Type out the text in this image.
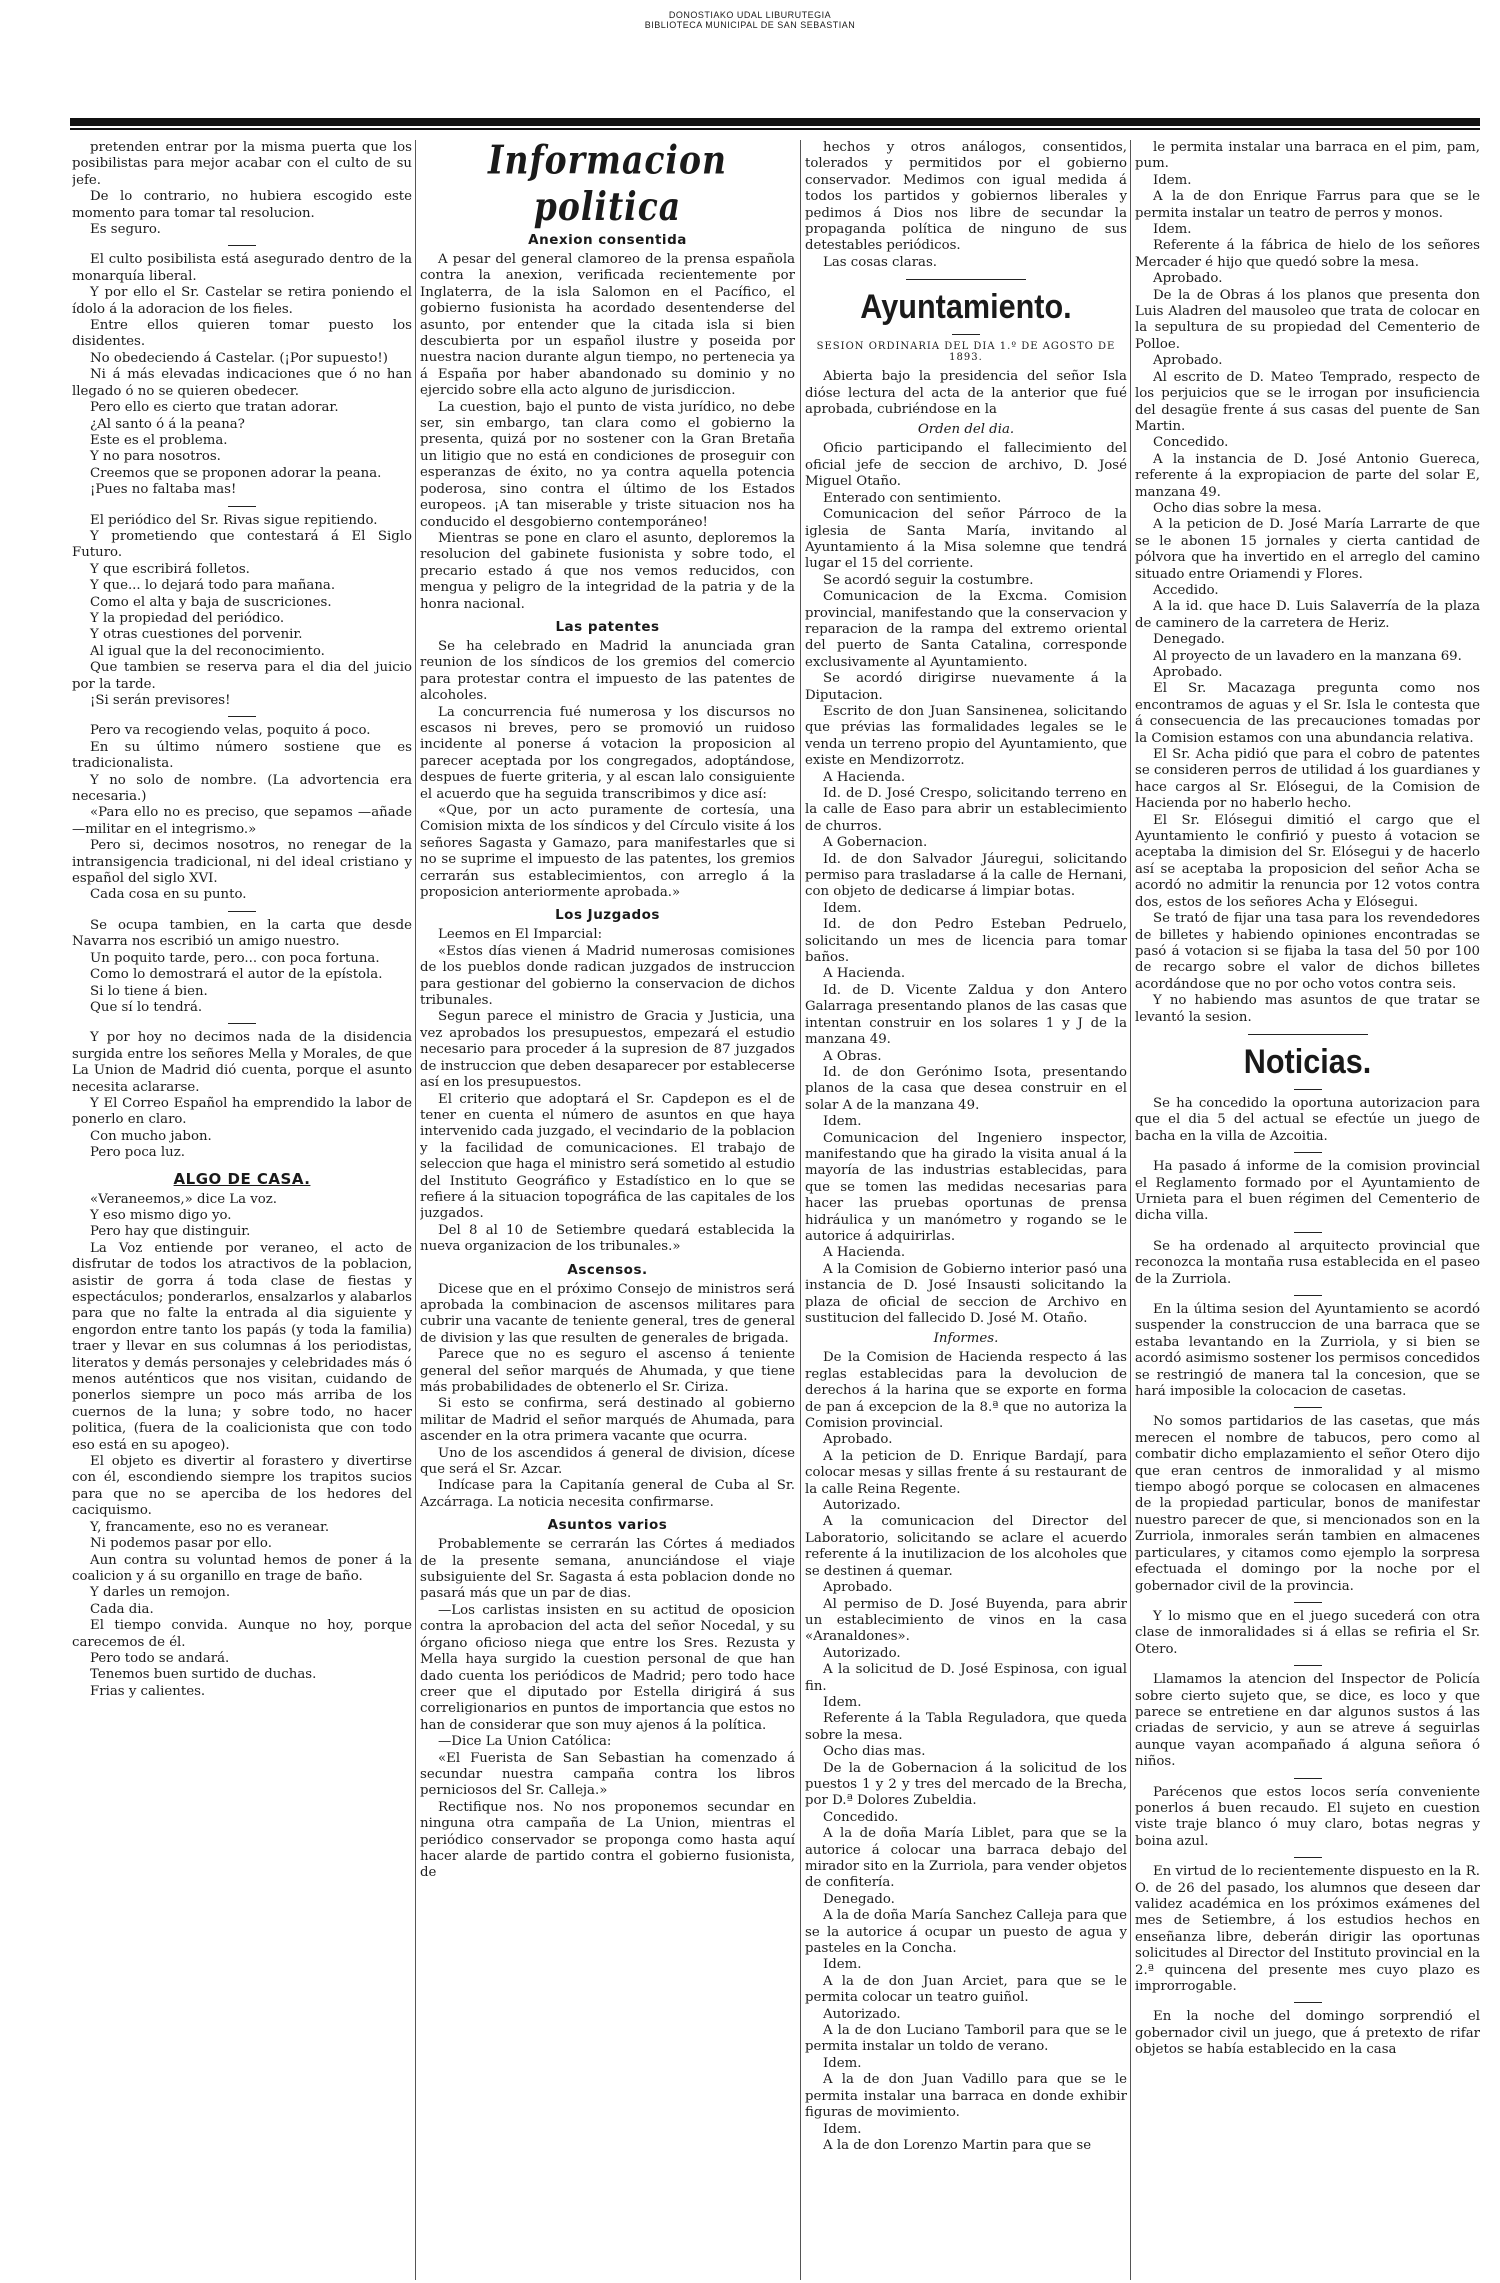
DONOSTIAKO UDAL LIBURUTEGIA
BIBLIOTECA MUNICIPAL DE SAN SEBASTIAN

pretenden entrar por la misma puerta que los posibilistas para mejor acabar con el culto de su jefe.

De lo contrario, no hubiera escogido este momento para tomar tal resolucion.

Es seguro.

El culto posibilista está asegurado dentro de la monarquía liberal.

Y por ello el Sr. Castelar se retira poniendo el ídolo á la adoracion de los fieles.

Entre ellos quieren tomar puesto los disidentes.

No obedeciendo á Castelar. (¡Por supuesto!)

Ni á más elevadas indicaciones que ó no han llegado ó no se quieren obedecer.

Pero ello es cierto que tratan adorar.

¿Al santo ó á la peana?

Este es el problema.

Y no para nosotros.

Creemos que se proponen adorar la peana.

¡Pues no faltaba mas!

El periódico del Sr. Rivas sigue repitiendo.

Y prometiendo que contestará á El Siglo Futuro.

Y que escribirá folletos.

Y que... lo dejará todo para mañana.

Como el alta y baja de suscriciones.

Y la propiedad del periódico.

Y otras cuestiones del porvenir.

Al igual que la del reconocimiento.

Que tambien se reserva para el dia del juicio por la tarde.

¡Si serán previsores!

Pero va recogiendo velas, poquito á poco.

En su último número sostiene que es tradicionalista.

Y no solo de nombre. (La advortencia era necesaria.)

«Para ello no es preciso, que sepamos —añade—militar en el integrismo.»

Pero si, decimos nosotros, no renegar de la intransigencia tradicional, ni del ideal cristiano y español del siglo XVI.

Cada cosa en su punto.

Se ocupa tambien, en la carta que desde Navarra nos escribió un amigo nuestro.

Un poquito tarde, pero... con poca fortuna.

Como lo demostrará el autor de la epístola.

Si lo tiene á bien.

Que sí lo tendrá.

Y por hoy no decimos nada de la disidencia surgida entre los señores Mella y Morales, de que La Union de Madrid dió cuenta, porque el asunto necesita aclararse.

Y El Correo Español ha emprendido la labor de ponerlo en claro.

Con mucho jabon.

Pero poca luz.

ALGO DE CASA.

«Veraneemos,» dice La voz.

Y eso mismo digo yo.

Pero hay que distinguir.

La Voz entiende por veraneo, el acto de disfrutar de todos los atractivos de la poblacion, asistir de gorra á toda clase de fiestas y espectáculos; ponderarlos, ensalzarlos y alabarlos para que no falte la entrada al dia siguiente y engordon entre tanto los papás (y toda la familia) traer y llevar en sus columnas á los periodistas, literatos y demás personajes y celebridades más ó menos auténticos que nos visitan, cuidando de ponerlos siempre un poco más arriba de los cuernos de la luna; y sobre todo, no hacer politica, (fuera de la coalicionista que con todo eso está en su apogeo).

El objeto es divertir al forastero y divertirse con él, escondiendo siempre los trapitos sucios para que no se aperciba de los hedores del caciquismo.

Y, francamente, eso no es veranear.

Ni podemos pasar por ello.

Aun contra su voluntad hemos de poner á la coalicion y á su organillo en trage de baño.

Y darles un remojon.

Cada dia.

El tiempo convida. Aunque no hoy, porque carecemos de él.

Pero todo se andará.

Tenemos buen surtido de duchas.

Frias y calientes.

Informacion politica
Anexion consentida

A pesar del general clamoreo de la prensa española contra la anexion, verificada recientemente por Inglaterra, de la isla Salomon en el Pacífico, el gobierno fusionista ha acordado desentenderse del asunto, por entender que la citada isla si bien descubierta por un español ilustre y poseida por nuestra nacion durante algun tiempo, no pertenecia ya á España por haber abandonado su dominio y no ejercido sobre ella acto alguno de jurisdiccion.

La cuestion, bajo el punto de vista jurídico, no debe ser, sin embargo, tan clara como el gobierno la presenta, quizá por no sostener con la Gran Bretaña un litigio que no está en condiciones de proseguir con esperanzas de éxito, no ya contra aquella potencia poderosa, sino contra el último de los Estados europeos. ¡A tan miserable y triste situacion nos ha conducido el desgobierno contemporáneo!

Mientras se pone en claro el asunto, deploremos la resolucion del gabinete fusionista y sobre todo, el precario estado á que nos vemos reducidos, con mengua y peligro de la integridad de la patria y de la honra nacional.

Las patentes

Se ha celebrado en Madrid la anunciada gran reunion de los síndicos de los gremios del comercio para protestar contra el impuesto de las patentes de alcoholes.

La concurrencia fué numerosa y los discursos no escasos ni breves, pero se promovió un ruidoso incidente al ponerse á votacion la proposicion al parecer aceptada por los congregados, adoptándose, despues de fuerte griteria, y al escan lalo consiguiente el acuerdo que ha seguida transcribimos y dice así:

«Que, por un acto puramente de cortesía, una Comision mixta de los síndicos y del Círculo visite á los señores Sagasta y Gamazo, para manifestarles que si no se suprime el impuesto de las patentes, los gremios cerrarán sus establecimientos, con arreglo á la proposicion anteriormente aprobada.»

Los Juzgados

Leemos en El Imparcial:

«Estos días vienen á Madrid numerosas comisiones de los pueblos donde radican juzgados de instruccion para gestionar del gobierno la conservacion de dichos tribunales.

Segun parece el ministro de Gracia y Justicia, una vez aprobados los presupuestos, empezará el estudio necesario para proceder á la supresion de 87 juzgados de instruccion que deben desaparecer por establecerse así en los presupuestos.

El criterio que adoptará el Sr. Capdepon es el de tener en cuenta el número de asuntos en que haya intervenido cada juzgado, el vecindario de la poblacion y la facilidad de comunicaciones. El trabajo de seleccion que haga el ministro será sometido al estudio del Instituto Geográfico y Estadístico en lo que se refiere á la situacion topográfica de las capitales de los juzgados.

Del 8 al 10 de Setiembre quedará establecida la nueva organizacion de los tribunales.»

Ascensos.

Dicese que en el próximo Consejo de ministros será aprobada la combinacion de ascensos militares para cubrir una vacante de teniente general, tres de general de division y las que resulten de generales de brigada.

Parece que no es seguro el ascenso á teniente general del señor marqués de Ahumada, y que tiene más probabilidades de obtenerlo el Sr. Ciriza.

Si esto se confirma, será destinado al gobierno militar de Madrid el señor marqués de Ahumada, para ascender en la otra primera vacante que ocurra.

Uno de los ascendidos á general de division, dícese que será el Sr. Azcar.

Indícase para la Capitanía general de Cuba al Sr. Azcárraga. La noticia necesita confirmarse.

Asuntos varios

Probablemente se cerrarán las Córtes á mediados de la presente semana, anunciándose el viaje subsiguiente del Sr. Sagasta á esta poblacion donde no pasará más que un par de dias.

—Los carlistas insisten en su actitud de oposicion contra la aprobacion del acta del señor Nocedal, y su órgano oficioso niega que entre los Sres. Rezusta y Mella haya surgido la cuestion personal de que han dado cuenta los periódicos de Madrid; pero todo hace creer que el diputado por Estella dirigirá á sus correligionarios en puntos de importancia que estos no han de considerar que son muy ajenos á la política.

—Dice La Union Católica:

«El Fuerista de San Sebastian ha comenzado á secundar nuestra campaña contra los libros perniciosos del Sr. Calleja.»

Rectifique nos. No nos proponemos secundar en ninguna otra campaña de La Union, mientras el periódico conservador se proponga como hasta aquí hacer alarde de partido contra el gobierno fusionista, de

hechos y otros análogos, consentidos, tolerados y permitidos por el gobierno conservador. Medimos con igual medida á todos los partidos y gobiernos liberales y pedimos á Dios nos libre de secundar la propaganda política de ninguno de sus detestables periódicos.

Las cosas claras.

Ayuntamiento.
SESION ORDINARIA DEL DIA 1.º DE AGOSTO DE 1893.

Abierta bajo la presidencia del señor Isla dióse lectura del acta de la anterior que fué aprobada, cubriéndose en la

Orden del dia.

Oficio participando el fallecimiento del oficial jefe de seccion de archivo, D. José Miguel Otaño.

Enterado con sentimiento.

Comunicacion del señor Párroco de la iglesia de Santa María, invitando al Ayuntamiento á la Misa solemne que tendrá lugar el 15 del corriente.

Se acordó seguir la costumbre.

Comunicacion de la Excma. Comision provincial, manifestando que la conservacion y reparacion de la rampa del extremo oriental del puerto de Santa Catalina, corresponde exclusivamente al Ayuntamiento.

Se acordó dirigirse nuevamente á la Diputacion.

Escrito de don Juan Sansinenea, solicitando que prévias las formalidades legales se le venda un terreno propio del Ayuntamiento, que existe en Mendizorrotz.

A Hacienda.

Id. de D. José Crespo, solicitando terreno en la calle de Easo para abrir un establecimiento de churros.

A Gobernacion.

Id. de don Salvador Jáuregui, solicitando permiso para trasladarse á la calle de Hernani, con objeto de dedicarse á limpiar botas.

Idem.

Id. de don Pedro Esteban Pedruelo, solicitando un mes de licencia para tomar baños.

A Hacienda.

Id. de D. Vicente Zaldua y don Antero Galarraga presentando planos de las casas que intentan construir en los solares 1 y J de la manzana 49.

A Obras.

Id. de don Gerónimo Isota, presentando planos de la casa que desea construir en el solar A de la manzana 49.

Idem.

Comunicacion del Ingeniero inspector, manifestando que ha girado la visita anual á la mayoría de las industrias establecidas, para que se tomen las medidas necesarias para hacer las pruebas oportunas de prensa hidráulica y un manómetro y rogando se le autorice á adquirirlas.

A Hacienda.

A la Comision de Gobierno interior pasó una instancia de D. José Insausti solicitando la plaza de oficial de seccion de Archivo en sustitucion del fallecido D. José M. Otaño.

Informes.

De la Comision de Hacienda respecto á las reglas establecidas para la devolucion de derechos á la harina que se exporte en forma de pan á excepcion de la 8.ª que no autoriza la Comision provincial.

Aprobado.

A la peticion de D. Enrique Bardají, para colocar mesas y sillas frente á su restaurant de la calle Reina Regente.

Autorizado.

A la comunicacion del Director del Laboratorio, solicitando se aclare el acuerdo referente á la inutilizacion de los alcoholes que se destinen á quemar.

Aprobado.

Al permiso de D. José Buyenda, para abrir un establecimiento de vinos en la casa «Aranaldones».

Autorizado.

A la solicitud de D. José Espinosa, con igual fin.

Idem.

Referente á la Tabla Reguladora, que queda sobre la mesa.

Ocho dias mas.

De la de Gobernacion á la solicitud de los puestos 1 y 2 y tres del mercado de la Brecha, por D.ª Dolores Zubeldia.

Concedido.

A la de doña María Liblet, para que se la autorice á colocar una barraca debajo del mirador sito en la Zurriola, para vender objetos de confitería.

Denegado.

A la de doña María Sanchez Calleja para que se la autorice á ocupar un puesto de agua y pasteles en la Concha.

Idem.

A la de don Juan Arciet, para que se le permita colocar un teatro guiñol.

Autorizado.

A la de don Luciano Tamboril para que se le permita instalar un toldo de verano.

Idem.

A la de don Juan Vadillo para que se le permita instalar una barraca en donde exhibir figuras de movimiento.

Idem.

A la de don Lorenzo Martin para que se

le permita instalar una barraca en el pim, pam, pum.

Idem.

A la de don Enrique Farrus para que se le permita instalar un teatro de perros y monos.

Idem.

Referente á la fábrica de hielo de los señores Mercader é hijo que quedó sobre la mesa.

Aprobado.

De la de Obras á los planos que presenta don Luis Aladren del mausoleo que trata de colocar en la sepultura de su propiedad del Cementerio de Polloe.

Aprobado.

Al escrito de D. Mateo Temprado, respecto de los perjuicios que se le irrogan por insuficiencia del desagüe frente á sus casas del puente de San Martin.

Concedido.

A la instancia de D. José Antonio Guereca, referente á la expropiacion de parte del solar E, manzana 49.

Ocho dias sobre la mesa.

A la peticion de D. José María Larrarte de que se le abonen 15 jornales y cierta cantidad de pólvora que ha invertido en el arreglo del camino situado entre Oriamendi y Flores.

Accedido.

A la id. que hace D. Luis Salaverría de la plaza de caminero de la carretera de Heriz.

Denegado.

Al proyecto de un lavadero en la manzana 69.

Aprobado.

El Sr. Macazaga pregunta como nos encontramos de aguas y el Sr. Isla le contesta que á consecuencia de las precauciones tomadas por la Comision estamos con una abundancia relativa.

El Sr. Acha pidió que para el cobro de patentes se consideren perros de utilidad á los guardianes y hace cargos al Sr. Elósegui, de la Comision de Hacienda por no haberlo hecho.

El Sr. Elósegui dimitió el cargo que el Ayuntamiento le confirió y puesto á votacion se aceptaba la dimision del Sr. Elósegui y de hacerlo así se aceptaba la proposicion del señor Acha se acordó no admitir la renuncia por 12 votos contra dos, estos de los señores Acha y Elósegui.

Se trató de fijar una tasa para los revendedores de billetes y habiendo opiniones encontradas se pasó á votacion si se fijaba la tasa del 50 por 100 de recargo sobre el valor de dichos billetes acordándose que no por ocho votos contra seis.

Y no habiendo mas asuntos de que tratar se levantó la sesion.

Noticias.

Se ha concedido la oportuna autorizacion para que el dia 5 del actual se efectúe un juego de bacha en la villa de Azcoitia.

Ha pasado á informe de la comision provincial el Reglamento formado por el Ayuntamiento de Urnieta para el buen régimen del Cementerio de dicha villa.

Se ha ordenado al arquitecto provincial que reconozca la montaña rusa establecida en el paseo de la Zurriola.

En la última sesion del Ayuntamiento se acordó suspender la construccion de una barraca que se estaba levantando en la Zurriola, y si bien se acordó asimismo sostener los permisos concedidos se restringió de manera tal la concesion, que se hará imposible la colocacion de casetas.

No somos partidarios de las casetas, que más merecen el nombre de tabucos, pero como al combatir dicho emplazamiento el señor Otero dijo que eran centros de inmoralidad y al mismo tiempo abogó porque se colocasen en almacenes de la propiedad particular, bonos de manifestar nuestro parecer de que, si mencionados son en la Zurriola, inmorales serán tambien en almacenes particulares, y citamos como ejemplo la sorpresa efectuada el domingo por la noche por el gobernador civil de la provincia.

Y lo mismo que en el juego sucederá con otra clase de inmoralidades si á ellas se refiria el Sr. Otero.

Llamamos la atencion del Inspector de Policía sobre cierto sujeto que, se dice, es loco y que parece se entretiene en dar algunos sustos á las criadas de servicio, y aun se atreve á seguirlas aunque vayan acompañado á alguna señora ó niños.

Parécenos que estos locos sería conveniente ponerlos á buen recaudo. El sujeto en cuestion viste traje blanco ó muy claro, botas negras y boina azul.

En virtud de lo recientemente dispuesto en la R. O. de 26 del pasado, los alumnos que deseen dar validez académica en los próximos exámenes del mes de Setiembre, á los estudios hechos en enseñanza libre, deberán dirigir las oportunas solicitudes al Director del Instituto provincial en la 2.ª quincena del presente mes cuyo plazo es improrrogable.

En la noche del domingo sorprendió el gobernador civil un juego, que á pretexto de rifar objetos se había establecido en la casa
